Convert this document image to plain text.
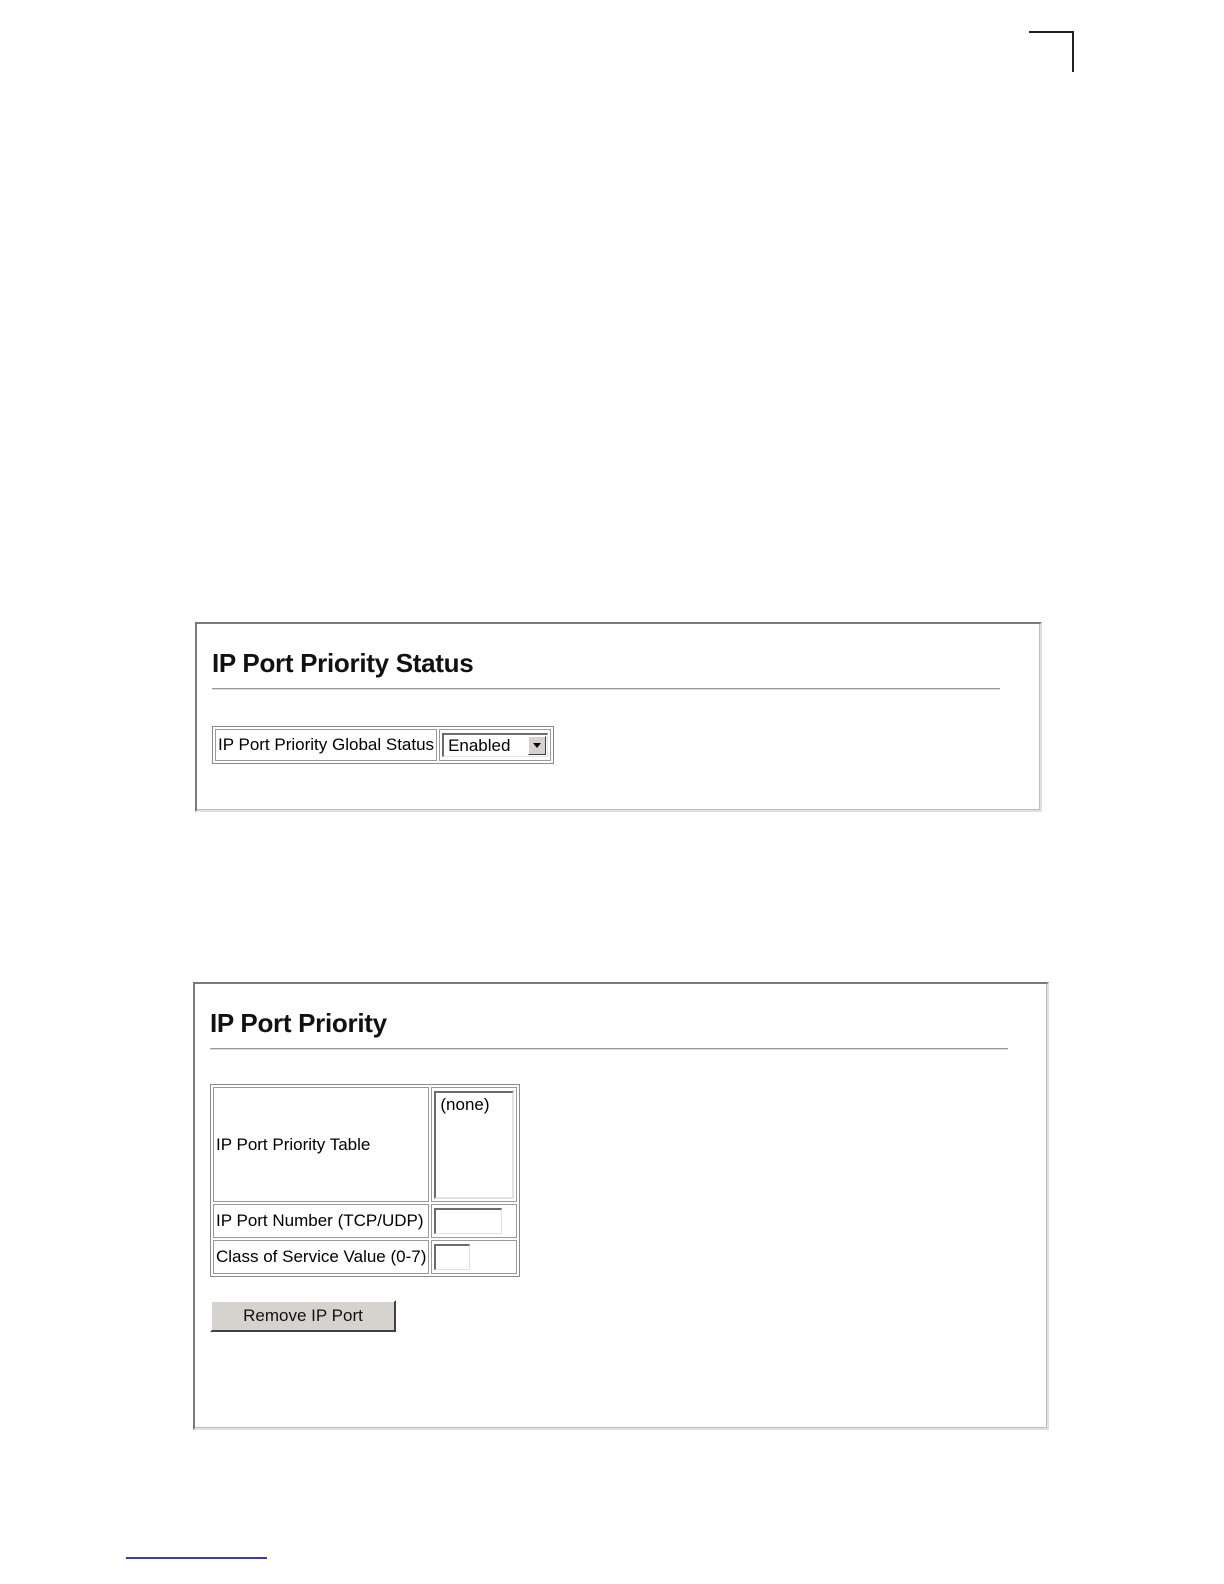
IP Port Priority Status
IP Port Priority Global Status	Enabled
IP Port Priority
IP Port Priority Table	(none)

IP Port Number (TCP/UDP)	

Class of Service Value (0-7)	
Remove IP Port
